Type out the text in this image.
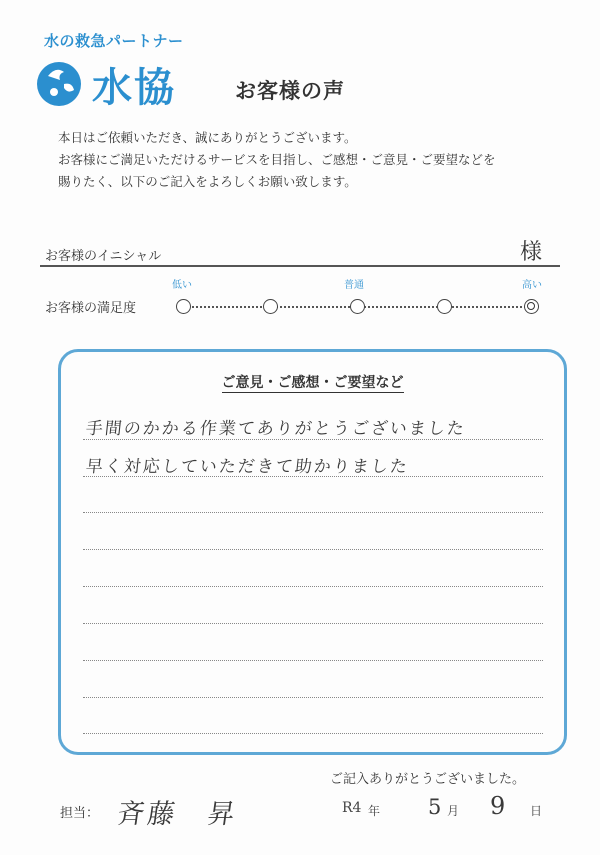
水の救急パートナー
水協	お客様の声
本日はご依頼いただき、誠にありがとうございます。
お客様にご満足いただけるサービスを目指し、ご感想・ご意見・ご要望などを
賜りたく、以下のご記入をよろしくお願い致します。
お客様のイニシャル	様
お客様の満足度
低い	普通	高い
ご意見・ご感想・ご要望など
手間のかかる作業てありがとうございました
早く対応していただきて助かりました
ご記入ありがとうございました。
担当： 斉藤　昇	R4 年 5 月 9 日
